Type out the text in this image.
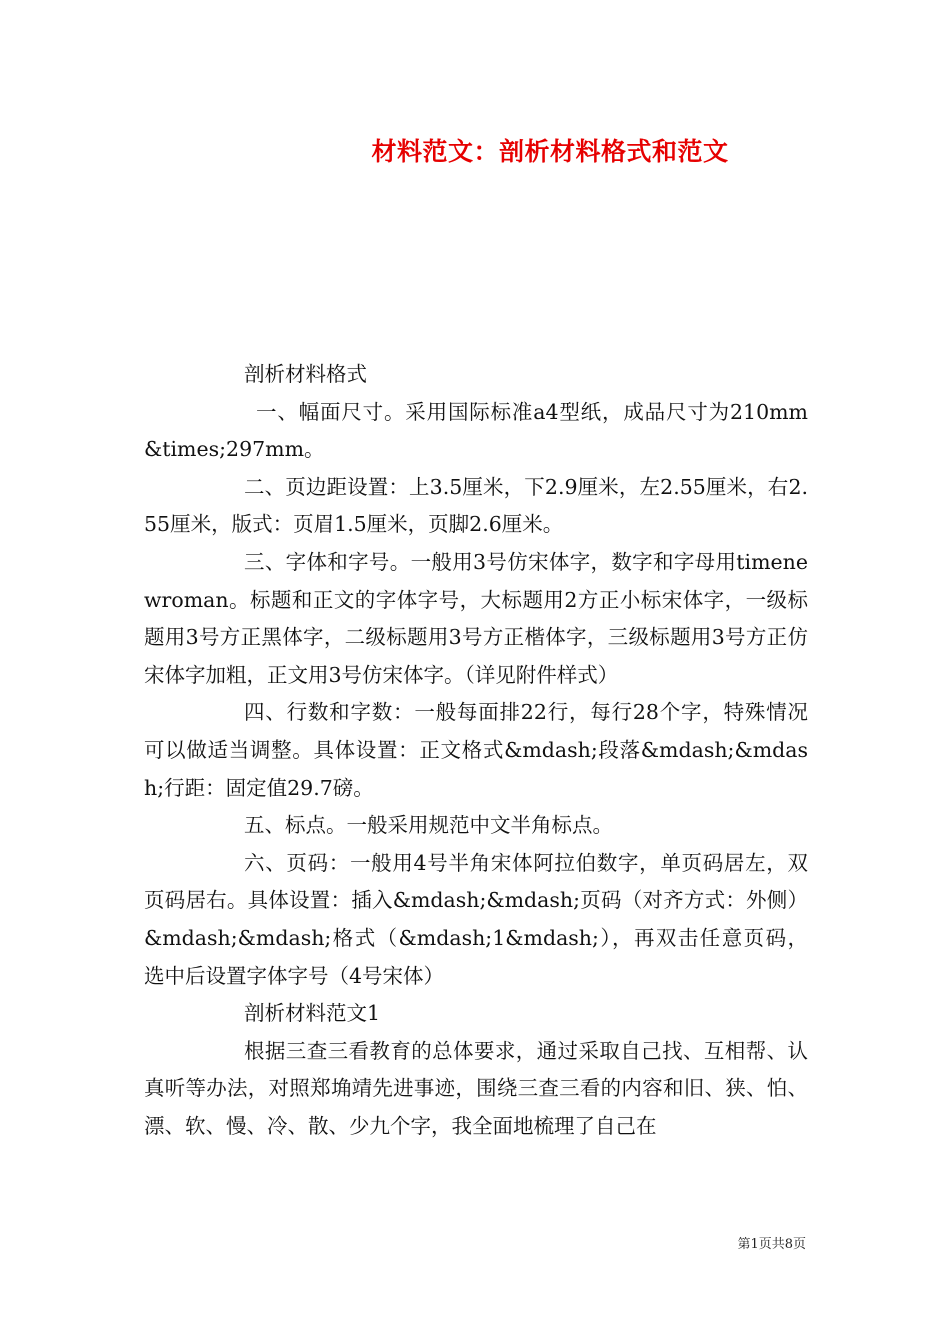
材料范文：剖析材料格式和范文

剖析材料格式

一、幅面尺寸。采用国际标准a4型纸，成品尺寸为210mm&times;297mm。

二、页边距设置：上3.5厘米，下2.9厘米，左2.55厘米，右2.55厘米，版式：页眉1.5厘米，页脚2.6厘米。

三、字体和字号。一般用3号仿宋体字，数字和字母用timenewroman。标题和正文的字体字号，大标题用2方正小标宋体字，一级标题用3号方正黑体字，二级标题用3号方正楷体字，三级标题用3号方正仿宋体字加粗，正文用3号仿宋体字。（详见附件样式）

四、行数和字数：一般每面排22行，每行28个字，特殊情况可以做适当调整。具体设置：正文格式&mdash;段落&mdash;&mdash;行距：固定值29.7磅。

五、标点。一般采用规范中文半角标点。

六、页码：一般用4号半角宋体阿拉伯数字，单页码居左，双页码居右。具体设置：插入&mdash;&mdash;页码（对齐方式：外侧）&mdash;&mdash;格式（&mdash;1&mdash;），再双击任意页码，选中后设置字体字号（4号宋体）

剖析材料范文1

根据三查三看教育的总体要求，通过采取自己找、互相帮、认真听等办法，对照郑埆靖先进事迹，围绕三查三看的内容和旧、狭、怕、漂、软、慢、冷、散、少九个字，我全面地梳理了自己在

第1页共8页
